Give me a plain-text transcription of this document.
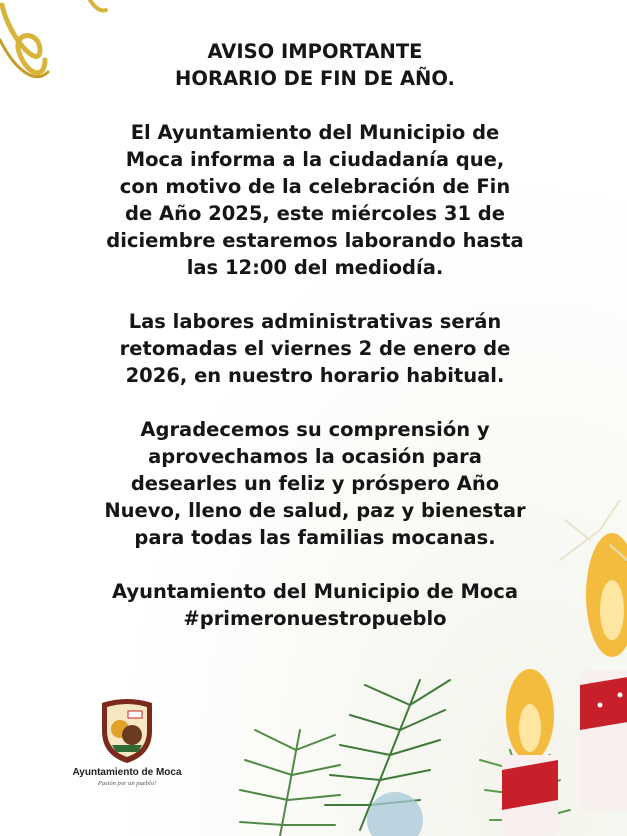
AVISO IMPORTANTE
HORARIO DE FIN DE AÑO.

El Ayuntamiento del Municipio de
Moca informa a la ciudadanía que,
con motivo de la celebración de Fin
de Año 2025, este miércoles 31 de
diciembre estaremos laborando hasta
las 12:00 del mediodía.

Las labores administrativas serán
retomadas el viernes 2 de enero de
2026, en nuestro horario habitual.

Agradecemos su comprensión y
aprovechamos la ocasión para
desearles un feliz y próspero Año
Nuevo, lleno de salud, paz y bienestar
para todas las familias mocanas.

Ayuntamiento del Municipio de Moca
#primeronuestropueblo

Ayuntamiento de Moca
Pasión por un pueblo!
